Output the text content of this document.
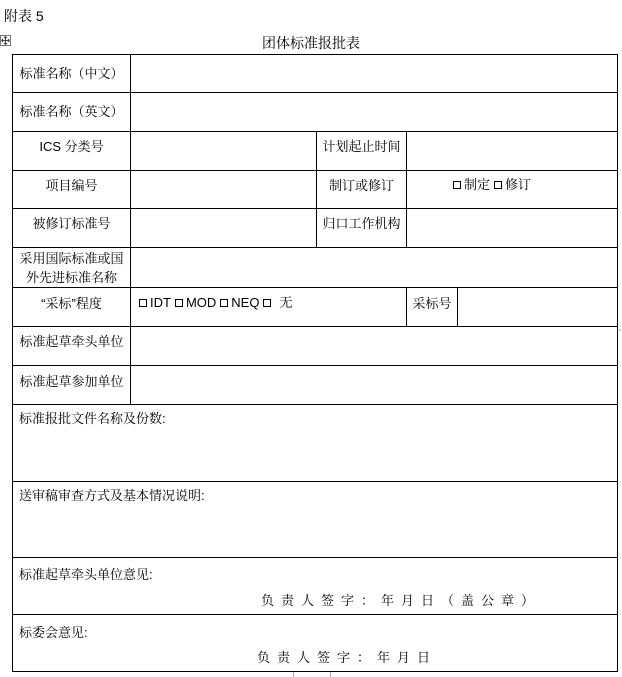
附表 5
团体标准报批表
标准名称（中文）
标准名称（英文）
ICS 分类号	计划起止时间
项目编号	制订或修订	制定 修订
被修订标准号	归口工作机构
采用国际标准或国
外先进标准名称
“采标”程度	IDT MOD NEQ 无	采标号
标准起草牵头单位
标准起草参加单位
标准报批文件名称及份数:
送审稿审查方式及基本情况说明:
标准起草牵头单位意见:
负责人签字：年月日（盖公章）
标委会意见:
负责人签字：年月日
